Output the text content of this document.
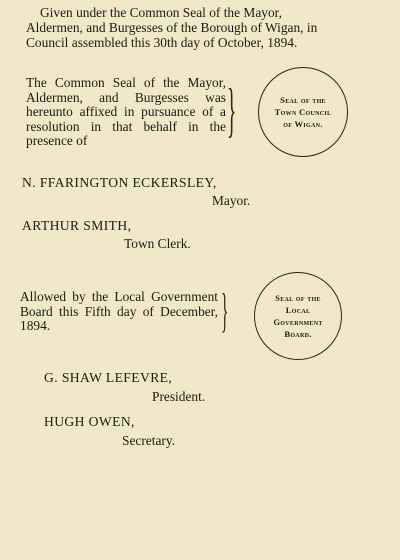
Given under the Common Seal of the Mayor,
Aldermen, and Burgesses of the Borough of Wigan, in
Council assembled this 30th day of October, 1894.
The Common Seal of the Mayor, Aldermen, and Burgesses was hereunto affixed in pursuance of a resolution in that behalf in the presence of	}	Seal of the
Town Council
of Wigan.
N. FFARINGTON ECKERSLEY,
Mayor.
ARTHUR SMITH,
Town Clerk.
Allowed by the Local Government Board this Fifth day of December, 1894.	}	Seal of the
Local
Government
Board.
G. SHAW LEFEVRE,
President.
HUGH OWEN,
Secretary.
